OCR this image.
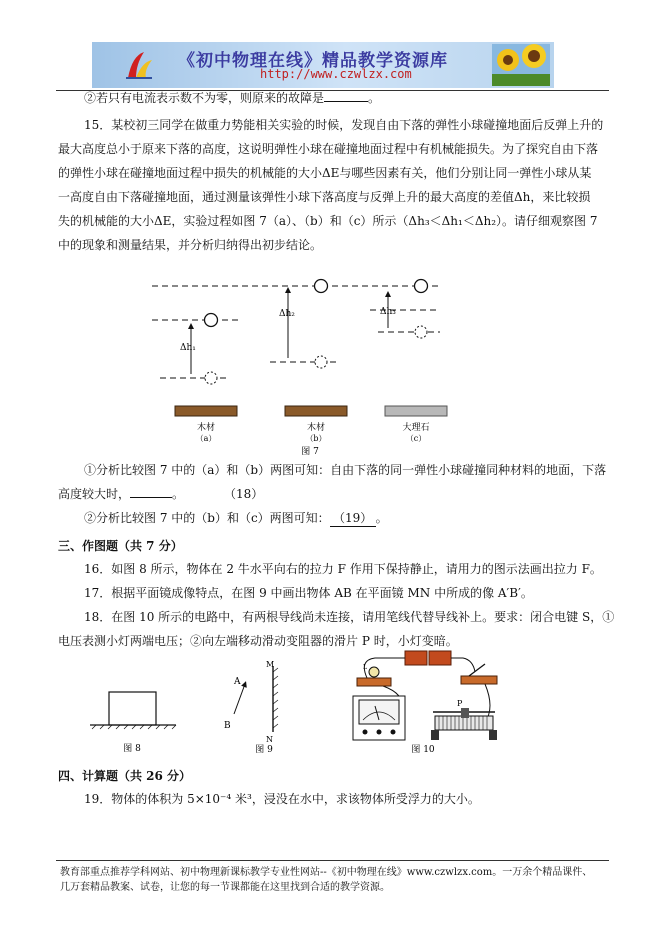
《初中物理在线》精品教学资源库
http://www.czwlzx.com
②若只有电流表示数不为零，则原来的故障是	。
15．某校初三同学在做重力势能相关实验的时候，发现自由下落的弹性小球碰撞地面后反弹上升的
最大高度总小于原来下落的高度，这说明弹性小球在碰撞地面过程中有机械能损失。为了探究自由下落
的弹性小球在碰撞地面过程中损失的机械能的大小ΔE与哪些因素有关，他们分别让同一弹性小球从某
一高度自由下落碰撞地面，通过测量该弹性小球下落高度与反弹上升的最大高度的差值Δh，来比较损
失的机械能的大小ΔE，实验过程如图 7（a）、（b）和（c）所示（Δh₃＜Δh₁＜Δh₂）。请仔细观察图 7
中的现象和测量结果，并分析归纳得出初步结论。
Δh₁
Δh₂	Δh₃
木材	木材	大理石
（a）	（b）	（c）
图 7
①分析比较图 7 中的（a）和（b）两图可知：自由下落的同一弹性小球碰撞同种材料的地面，下落
高度较大时，	。	（18）
②分析比较图 7 中的（b）和（c）两图可知： （19） 。
三、作图题（共 7 分）
16．如图 8 所示，物体在 2 牛水平向右的拉力 F 作用下保持静止，请用力的图示法画出拉力 F。
17．根据平面镜成像特点，在图 9 中画出物体 AB 在平面镜 MN 中所成的像 A′B′。
18．在图 10 所示的电路中，有两根导线尚未连接，请用笔线代替导线补上。要求：闭合电键 S，①
电压表测小灯两端电压；②向左端移动滑动变阻器的滑片 P 时，小灯变暗。
图 8
A
B
M
N
图 9
L
P
图 10
四、计算题（共 26 分）
19．物体的体积为 5×10⁻⁴ 米³，浸没在水中，求该物体所受浮力的大小。
教育部重点推荐学科网站、初中物理新课标教学专业性网站--《初中物理在线》www.czwlzx.com。一万余个精品课件、
几万套精品教案、试卷，让您的每一节课都能在这里找到合适的教学资源。
